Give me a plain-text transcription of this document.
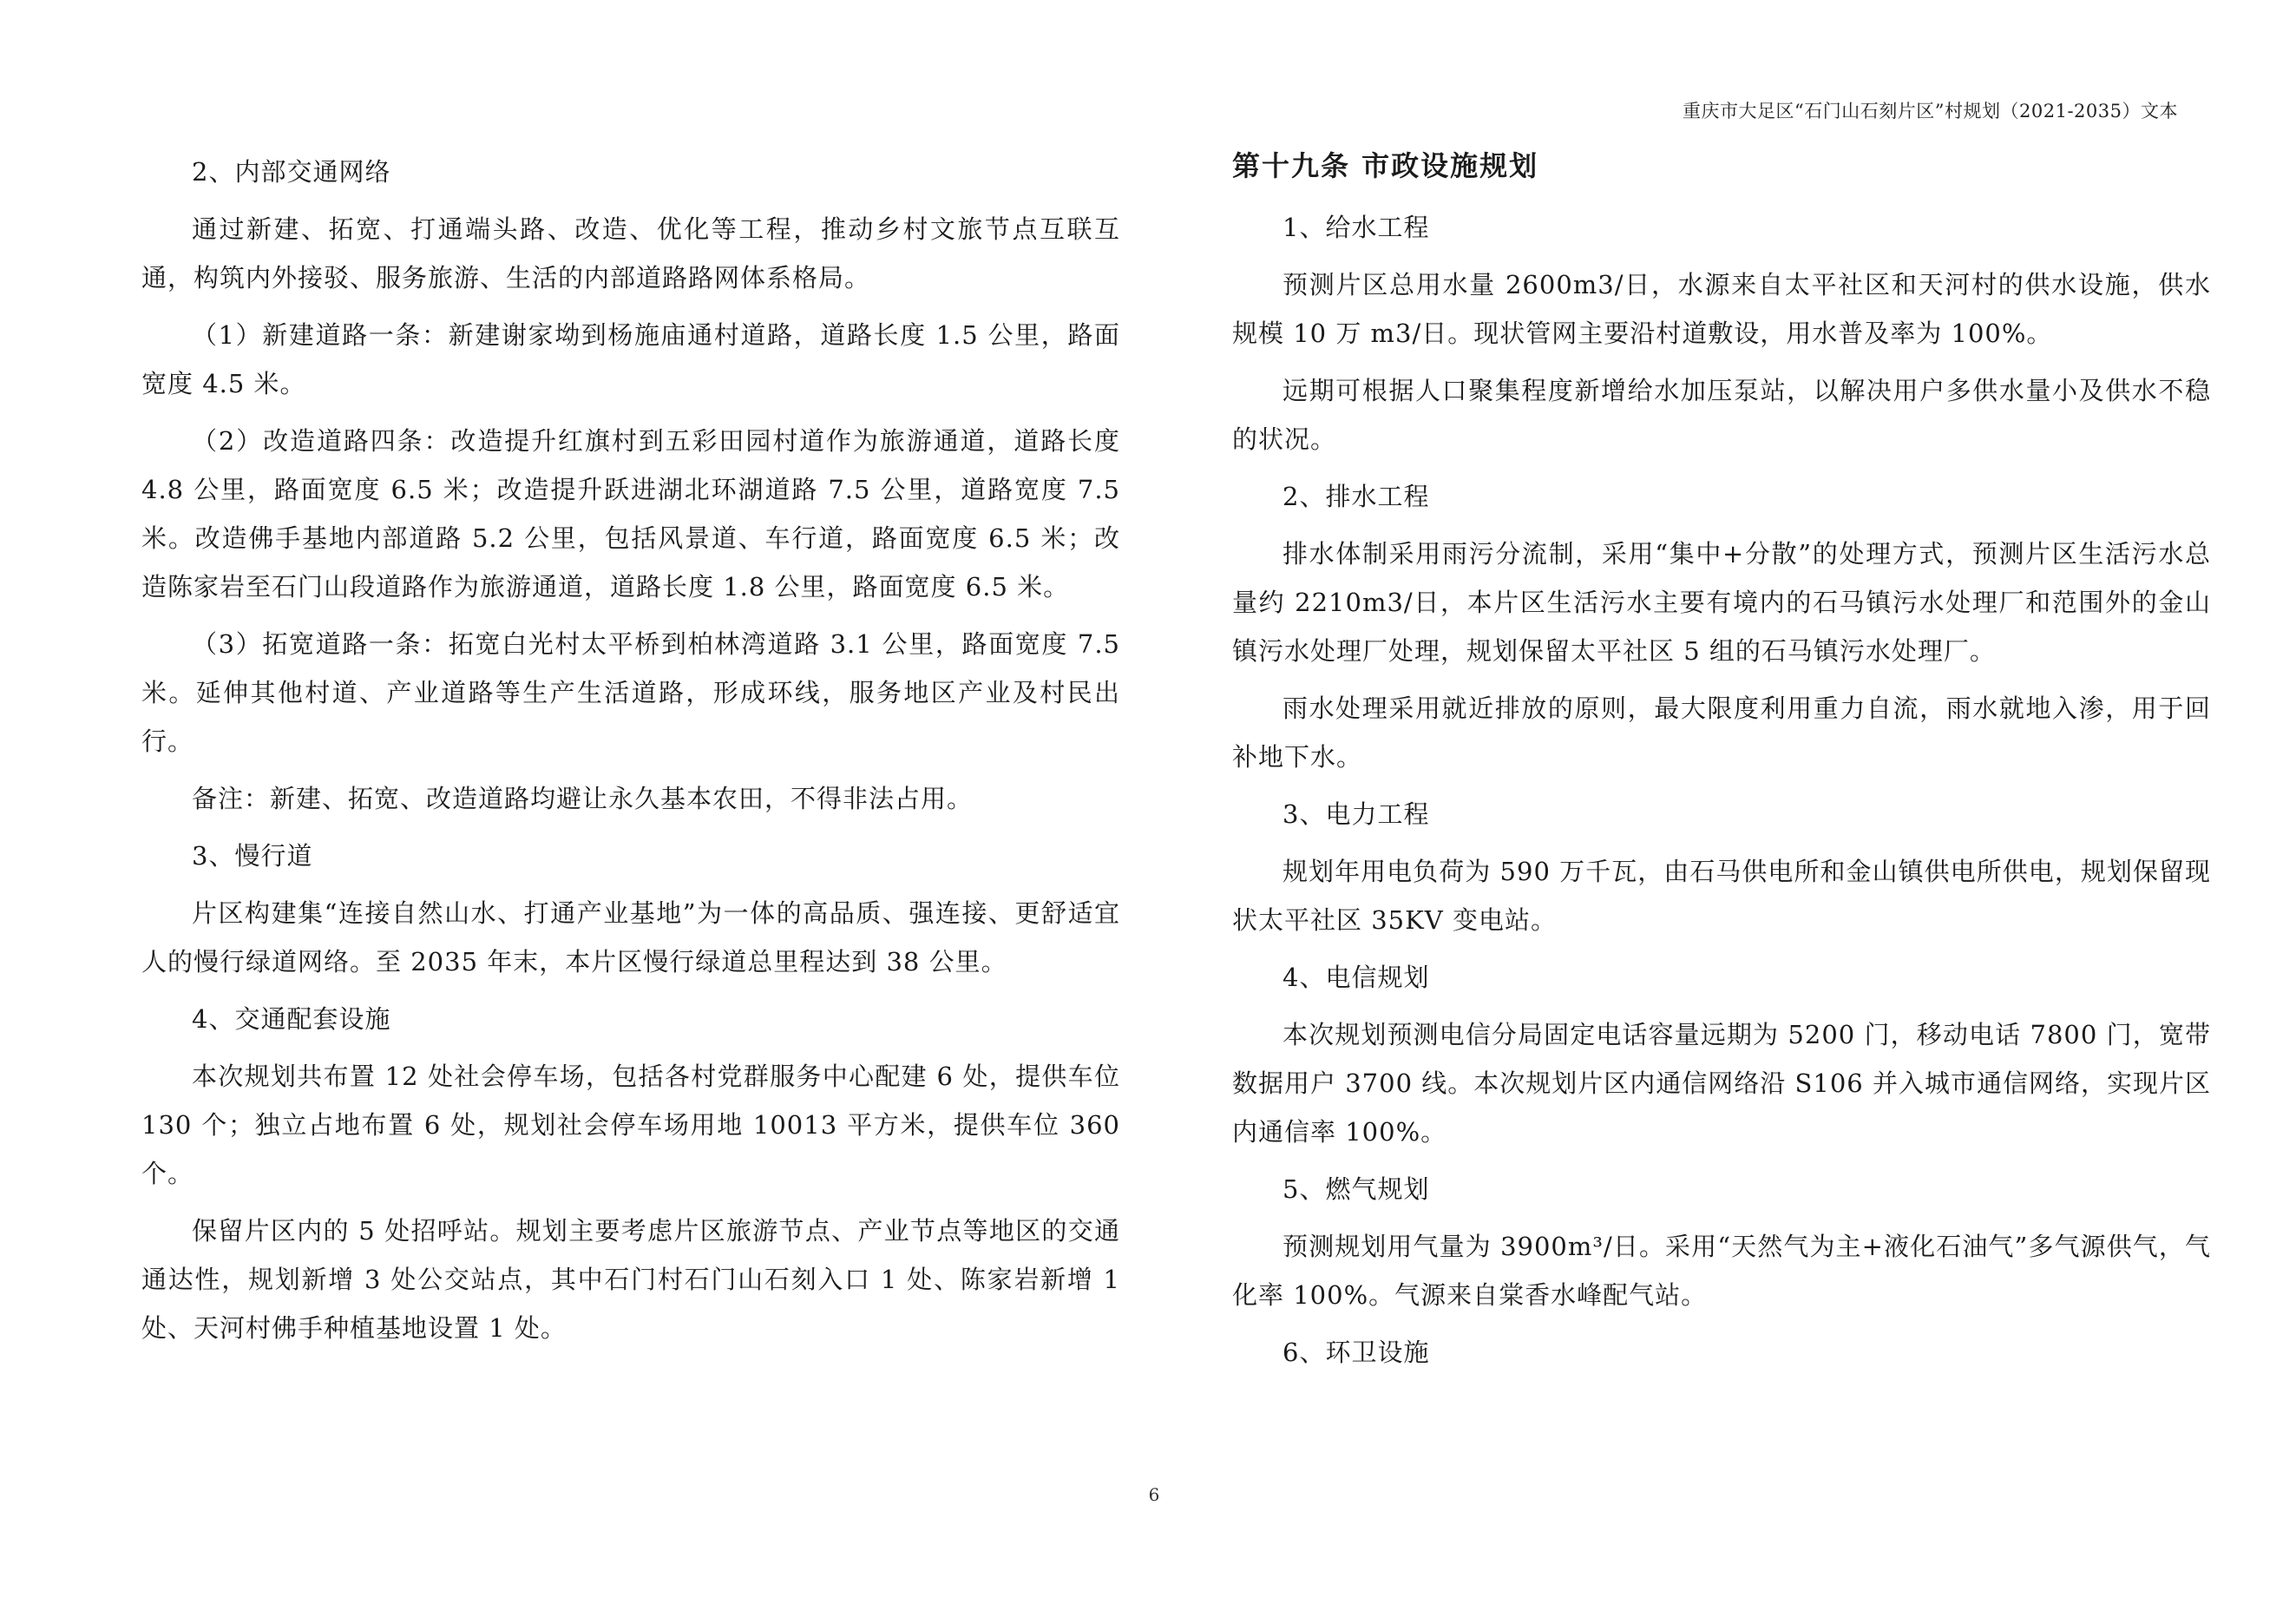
重庆市大足区“石门山石刻片区”村规划（2021-2035）文本
2、内部交通网络
通过新建、拓宽、打通端头路、改造、优化等工程，推动乡村文旅节点互联互通，构筑内外接驳、服务旅游、生活的内部道路路网体系格局。
（1）新建道路一条：新建谢家坳到杨施庙通村道路，道路长度 1.5 公里，路面宽度 4.5 米。
（2）改造道路四条：改造提升红旗村到五彩田园村道作为旅游通道，道路长度 4.8 公里，路面宽度 6.5 米；改造提升跃进湖北环湖道路 7.5 公里，道路宽度 7.5 米。改造佛手基地内部道路 5.2 公里，包括风景道、车行道，路面宽度 6.5 米；改造陈家岩至石门山段道路作为旅游通道，道路长度 1.8 公里，路面宽度 6.5 米。
（3）拓宽道路一条：拓宽白光村太平桥到柏林湾道路 3.1 公里，路面宽度 7.5 米。延伸其他村道、产业道路等生产生活道路，形成环线，服务地区产业及村民出行。
备注：新建、拓宽、改造道路均避让永久基本农田，不得非法占用。
3、慢行道
片区构建集“连接自然山水、打通产业基地”为一体的高品质、强连接、更舒适宜人的慢行绿道网络。至 2035 年末，本片区慢行绿道总里程达到 38 公里。
4、交通配套设施
本次规划共布置 12 处社会停车场，包括各村党群服务中心配建 6 处，提供车位 130 个；独立占地布置 6 处，规划社会停车场用地 10013 平方米，提供车位 360 个。
保留片区内的 5 处招呼站。规划主要考虑片区旅游节点、产业节点等地区的交通通达性，规划新增 3 处公交站点，其中石门村石门山石刻入口 1 处、陈家岩新增 1 处、天河村佛手种植基地设置 1 处。
第十九条 市政设施规划
1、给水工程
预测片区总用水量 2600m3/日，水源来自太平社区和天河村的供水设施，供水规模 10 万 m3/日。现状管网主要沿村道敷设，用水普及率为 100%。
远期可根据人口聚集程度新增给水加压泵站，以解决用户多供水量小及供水不稳的状况。
2、排水工程
排水体制采用雨污分流制，采用“集中+分散”的处理方式，预测片区生活污水总量约 2210m3/日，本片区生活污水主要有境内的石马镇污水处理厂和范围外的金山镇污水处理厂处理，规划保留太平社区 5 组的石马镇污水处理厂。
雨水处理采用就近排放的原则，最大限度利用重力自流，雨水就地入渗，用于回补地下水。
3、电力工程
规划年用电负荷为 590 万千瓦，由石马供电所和金山镇供电所供电，规划保留现状太平社区 35KV 变电站。
4、电信规划
本次规划预测电信分局固定电话容量远期为 5200 门，移动电话 7800 门，宽带数据用户 3700 线。本次规划片区内通信网络沿 S106 并入城市通信网络，实现片区内通信率 100%。
5、燃气规划
预测规划用气量为 3900m³/日。采用“天然气为主+液化石油气”多气源供气，气化率 100%。气源来自棠香水峰配气站。
6、环卫设施
6
